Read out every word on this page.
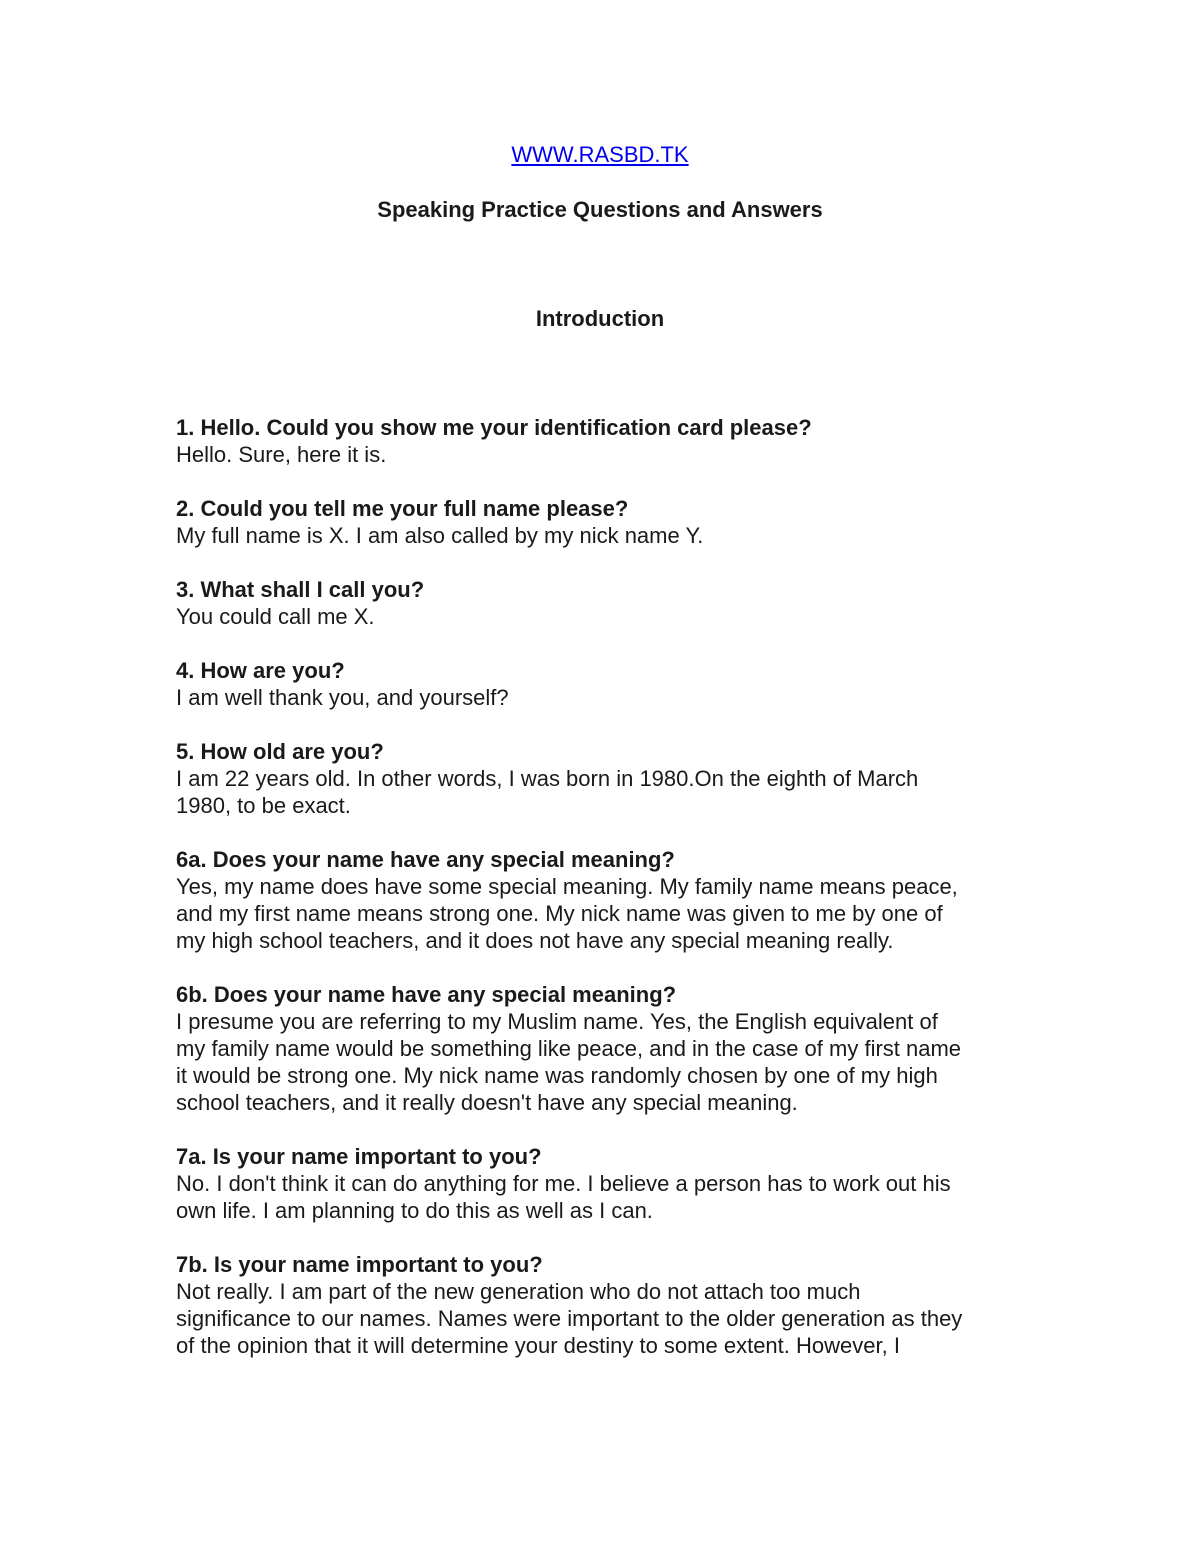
WWW.RASBD.TK
Speaking Practice Questions and Answers
Introduction
1. Hello. Could you show me your identification card please?
Hello. Sure, here it is.
2. Could you tell me your full name please?
My full name is X. I am also called by my nick name Y.
3. What shall I call you?
You could call me X.
4. How are you?
I am well thank you, and yourself?
5. How old are you?
I am 22 years old. In other words, I was born in 1980.On the eighth of March
1980, to be exact.
6a. Does your name have any special meaning?
Yes, my name does have some special meaning. My family name means peace,
and my first name means strong one. My nick name was given to me by one of
my high school teachers, and it does not have any special meaning really.
6b. Does your name have any special meaning?
I presume you are referring to my Muslim name. Yes, the English equivalent of
my family name would be something like peace, and in the case of my first name
it would be strong one. My nick name was randomly chosen by one of my high
school teachers, and it really doesn't have any special meaning.
7a. Is your name important to you?
No. I don't think it can do anything for me. I believe a person has to work out his
own life. I am planning to do this as well as I can.
7b. Is your name important to you?
Not really. I am part of the new generation who do not attach too much
significance to our names. Names were important to the older generation as they
of the opinion that it will determine your destiny to some extent. However, I
